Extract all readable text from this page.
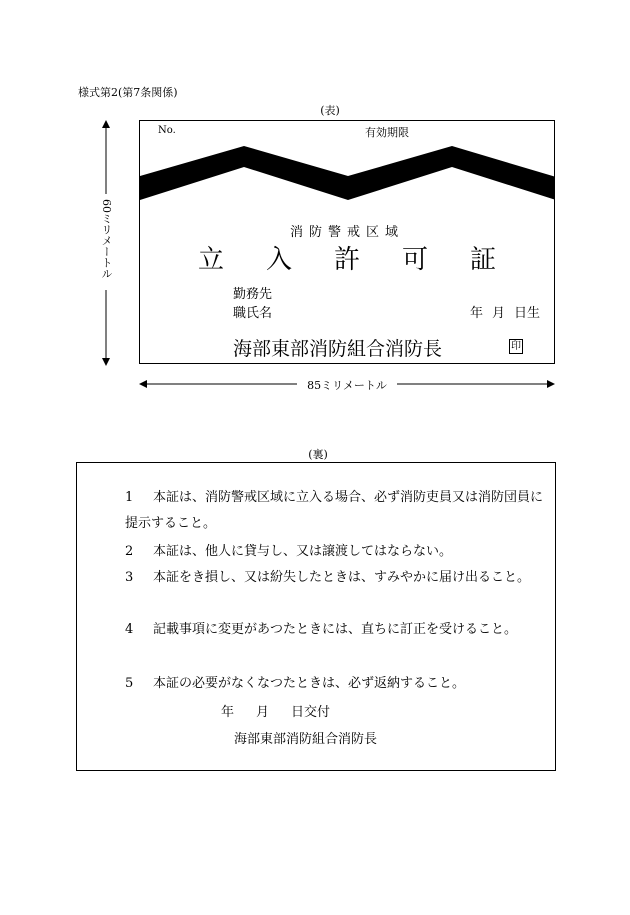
様式第2(第7条関係)
(表)
60ミリメートル
No.	有効期限
消防警戒区域
立 入 許 可 証
勤務先
職氏名	年 月 日生
海部東部消防組合消防長	印
85ミリメートル
(裏)
1 本証は、消防警戒区域に立入る場合、必ず消防吏員又は消防団員に提示すること。
2 本証は、他人に貸与し、又は譲渡してはならない。
3 本証をき損し、又は紛失したときは、すみやかに届け出ること。
4 記載事項に変更があつたときには、直ちに訂正を受けること。
5 本証の必要がなくなつたときは、必ず返納すること。
年 月 日交付
海部東部消防組合消防長
